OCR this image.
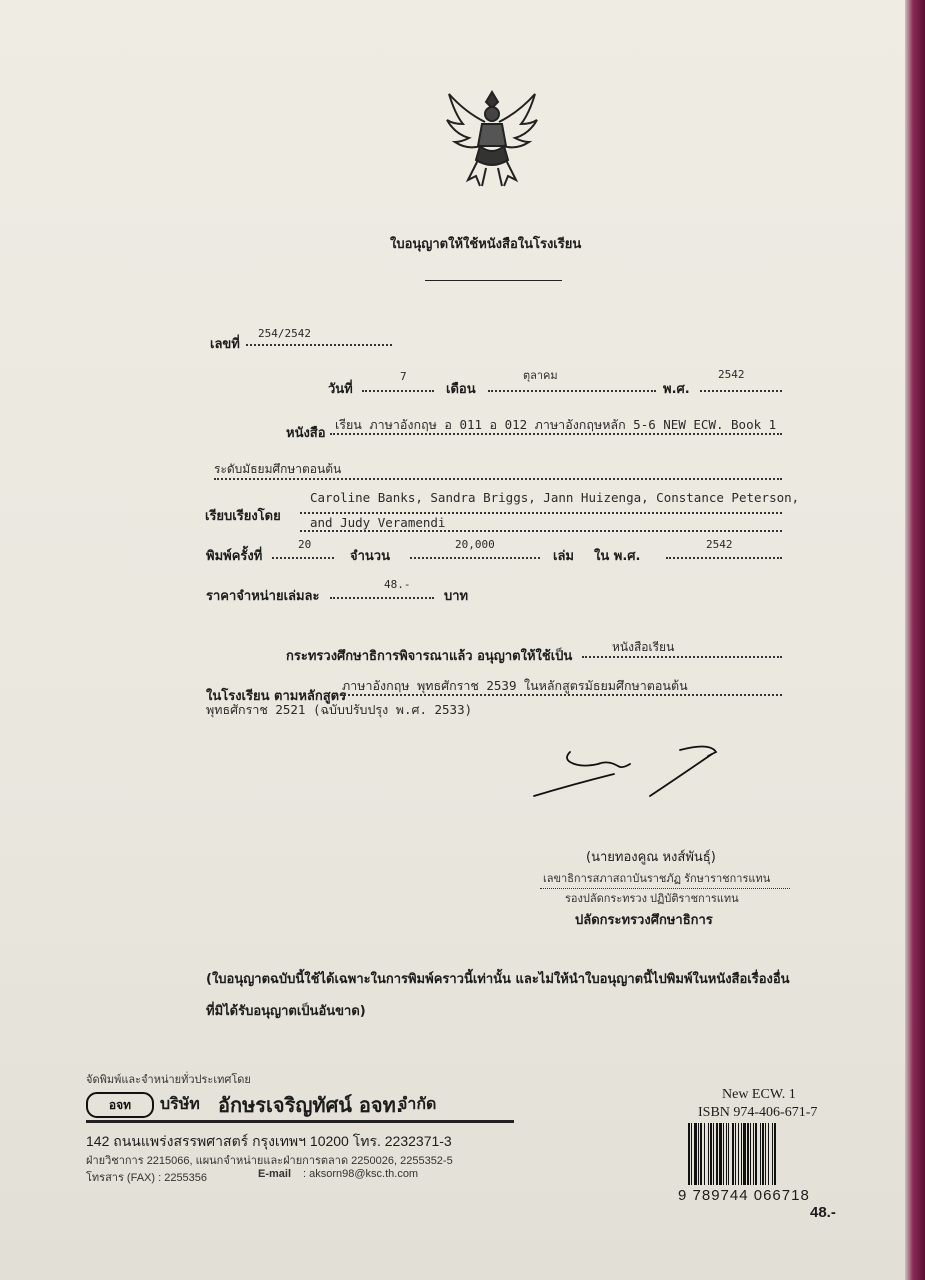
ใบอนุญาตให้ใช้หนังสือในโรงเรียน
เลขที่
254/2542
วันที่
7
เดือน
ตุลาคม
พ.ศ.
2542
หนังสือ
เรียน ภาษาอังกฤษ อ 011 อ 012 ภาษาอังกฤษหลัก 5-6 NEW ECW. Book 1
ระดับมัธยมศึกษาตอนต้น
เรียบเรียงโดย
Caroline Banks, Sandra Briggs, Jann Huizenga, Constance Peterson,
and Judy Veramendi
พิมพ์ครั้งที่
20
จำนวน
20,000
เล่ม ใน พ.ศ.
2542
ราคาจำหน่ายเล่มละ
48.-
บาท
กระทรวงศึกษาธิการพิจารณาแล้ว อนุญาตให้ใช้เป็น
หนังสือเรียน
ในโรงเรียน ตามหลักสูตร
ภาษาอังกฤษ พุทธศักราช 2539 ในหลักสูตรมัธยมศึกษาตอนต้น
พุทธศักราช 2521 (ฉบับปรับปรุง พ.ศ. 2533)
(นายทองคูณ หงส์พันธุ์)
เลขาธิการสภาสถาบันราชภัฏ รักษาราชการแทน
รองปลัดกระทรวง ปฏิบัติราชการแทน
ปลัดกระทรวงศึกษาธิการ
(ใบอนุญาตฉบับนี้ใช้ได้เฉพาะในการพิมพ์คราวนี้เท่านั้น และไม่ให้นำใบอนุญาตนี้ไปพิมพ์ในหนังสือเรื่องอื่น
ที่มิได้รับอนุญาตเป็นอันขาด)
จัดพิมพ์และจำหน่ายทั่วประเทศโดย
อจท บริษัท อักษรเจริญทัศน์ อจท.
จำกัด
142 ถนนแพร่งสรรพศาสตร์ กรุงเทพฯ 10200 โทร. 2232371-3
ฝ่ายวิชาการ 2215066, แผนกจำหน่ายและฝ่ายการตลาด 2250026, 2255352-5
โทรสาร (FAX) : 2255356	E-mail : aksorn98@ksc.th.com
New ECW. 1
ISBN 974-406-671-7
9 789744 066718
48.-
